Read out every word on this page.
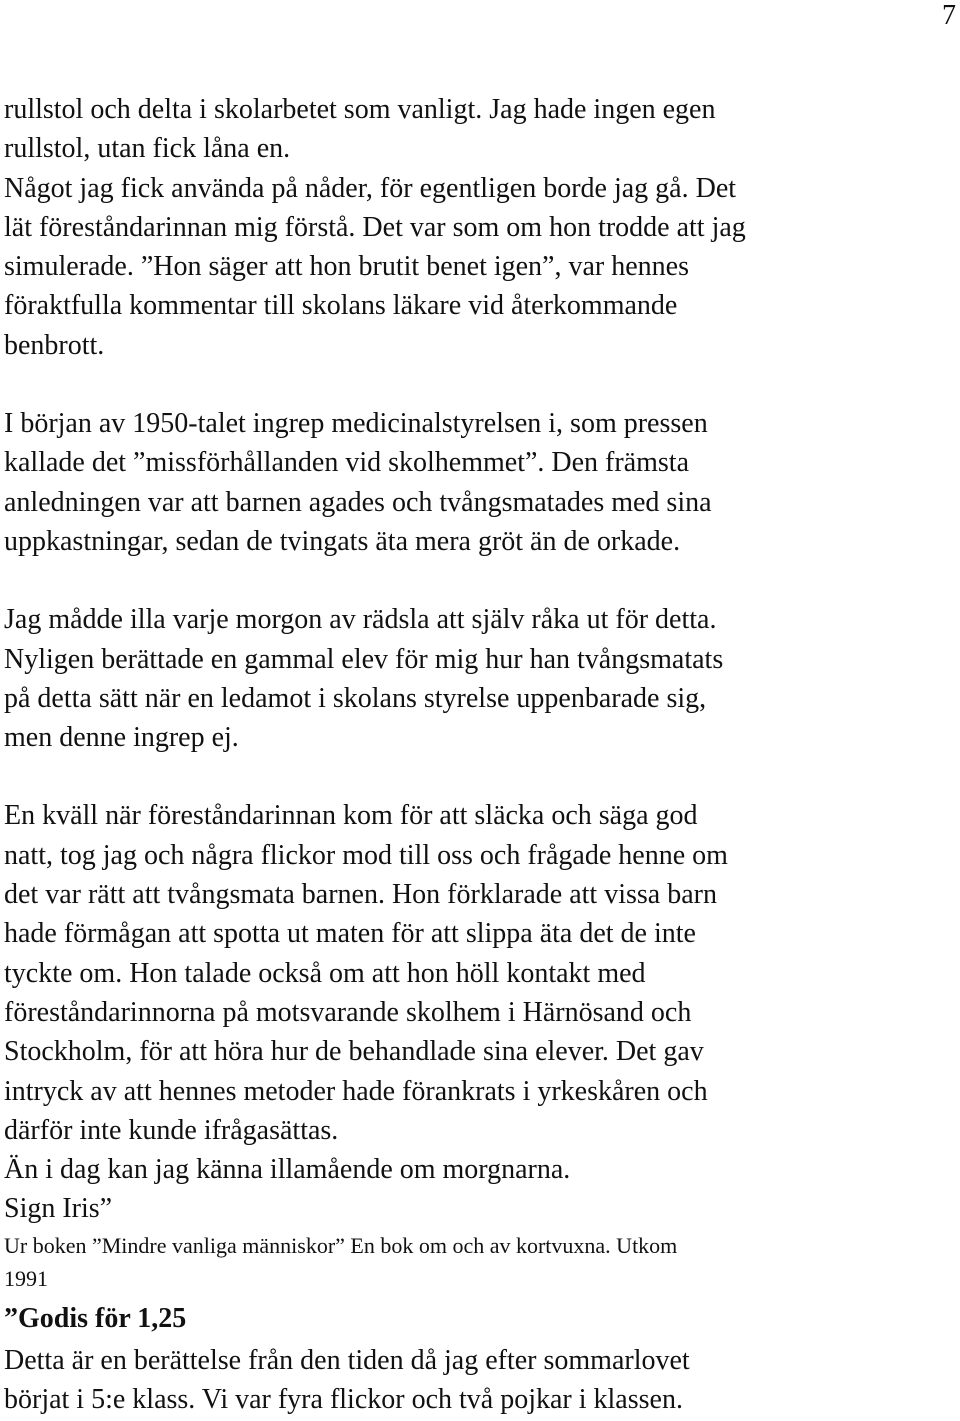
7

rullstol och delta i skolarbetet som vanligt. Jag hade ingen egen

rullstol, utan fick låna en.

Något jag fick använda på nåder, för egentligen borde jag gå. Det

lät föreståndarinnan mig förstå. Det var som om hon trodde att jag

simulerade. ”Hon säger att hon brutit benet igen”, var hennes

föraktfulla kommentar till skolans läkare vid återkommande

benbrott.

I början av 1950-talet ingrep medicinalstyrelsen i, som pressen

kallade det ”missförhållanden vid skolhemmet”. Den främsta

anledningen var att barnen agades och tvångsmatades med sina

uppkastningar, sedan de tvingats äta mera gröt än de orkade.

Jag mådde illa varje morgon av rädsla att själv råka ut för detta.

Nyligen berättade en gammal elev för mig hur han tvångsmatats

på detta sätt när en ledamot i skolans styrelse uppenbarade sig,

men denne ingrep ej.

En kväll när föreståndarinnan kom för att släcka och säga god

natt, tog jag och några flickor mod till oss och frågade henne om

det var rätt att tvångsmata barnen. Hon förklarade att vissa barn

hade förmågan att spotta ut maten för att slippa äta det de inte

tyckte om. Hon talade också om att hon höll kontakt med

föreståndarinnorna på motsvarande skolhem i Härnösand och

Stockholm, för att höra hur de behandlade sina elever. Det gav

intryck av att hennes metoder hade förankrats i yrkeskåren och

därför inte kunde ifrågasättas.

Än i dag kan jag känna illamående om morgnarna.

Sign Iris”

Ur boken ”Mindre vanliga människor” En bok om och av kortvuxna. Utkom

1991

”Godis för 1,25

Detta är en berättelse från den tiden då jag efter sommarlovet

börjat i 5:e klass. Vi var fyra flickor och två pojkar i klassen.
